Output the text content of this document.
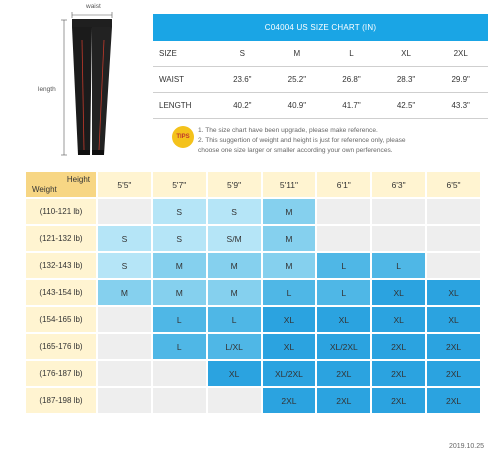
waist
length
C04004 US SIZE CHART (IN)					
SIZE	S	M	L	XL	2XL
WAIST	23.6"	25.2"	26.8"	28.3"	29.9"
LENGTH	40.2"	40.9"	41.7"	42.5"	43.3"
TIPS
1. The size chart have been upgrade, please make reference.
2. This suggertion of weight and height is just for reference only, please
choose one size larger or smaller according your own perferences.
Height
Weight	5'5"	5'7"	5'9"	5'11"	6'1"	6'3"	6'5"
(110-121 lb)		S	S	M			
(121-132 lb)	S	S	S/M	M			
(132-143 lb)	S	M	M	M	L	L	
(143-154 lb)	M	M	M	L	L	XL	XL
(154-165 lb)		L	L	XL	XL	XL	XL
(165-176 lb)		L	L/XL	XL	XL/2XL	2XL	2XL
(176-187 lb)			XL	XL/2XL	2XL	2XL	2XL
(187-198 lb)				2XL	2XL	2XL	2XL
2019.10.25
